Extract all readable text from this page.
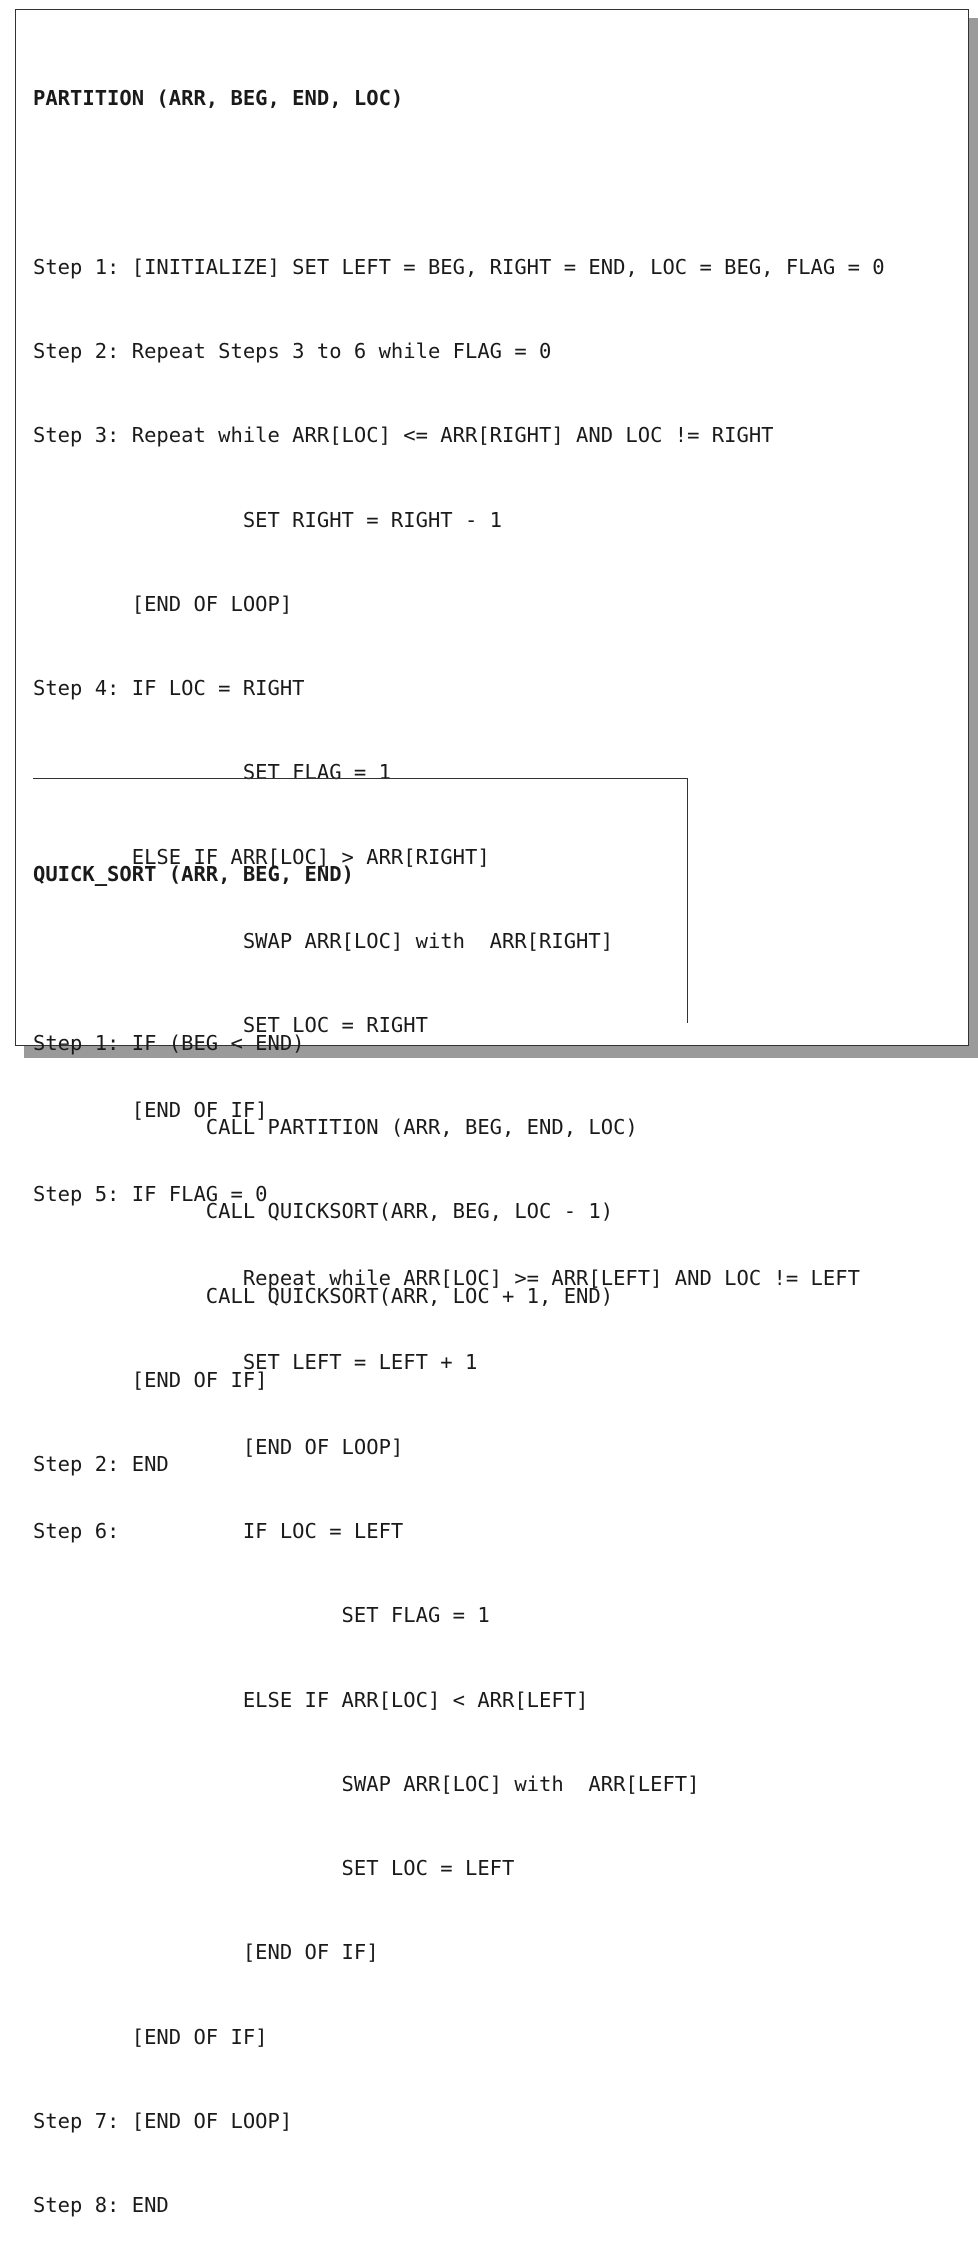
PARTITION (ARR, BEG, END, LOC)

Step 1: [INITIALIZE] SET LEFT = BEG, RIGHT = END, LOC = BEG, FLAG = 0

Step 2: Repeat Steps 3 to 6 while FLAG = 0

Step 3: Repeat while ARR[LOC] <= ARR[RIGHT] AND LOC != RIGHT

SET RIGHT = RIGHT - 1

[END OF LOOP]

Step 4: IF LOC = RIGHT

SET FLAG = 1

ELSE IF ARR[LOC] > ARR[RIGHT]

SWAP ARR[LOC] with  ARR[RIGHT]

SET LOC = RIGHT

[END OF IF]

Step 5: IF FLAG = 0

Repeat while ARR[LOC] >= ARR[LEFT] AND LOC != LEFT

SET LEFT = LEFT + 1

[END OF LOOP]

Step 6:          IF LOC = LEFT

SET FLAG = 1

ELSE IF ARR[LOC] < ARR[LEFT]

SWAP ARR[LOC] with  ARR[LEFT]

SET LOC = LEFT

[END OF IF]

[END OF IF]

Step 7: [END OF LOOP]

Step 8: END

QUICK_SORT (ARR, BEG, END)

Step 1: IF (BEG < END)

CALL PARTITION (ARR, BEG, END, LOC)

CALL QUICKSORT(ARR, BEG, LOC - 1)

CALL QUICKSORT(ARR, LOC + 1, END)

[END OF IF]

Step 2: END
